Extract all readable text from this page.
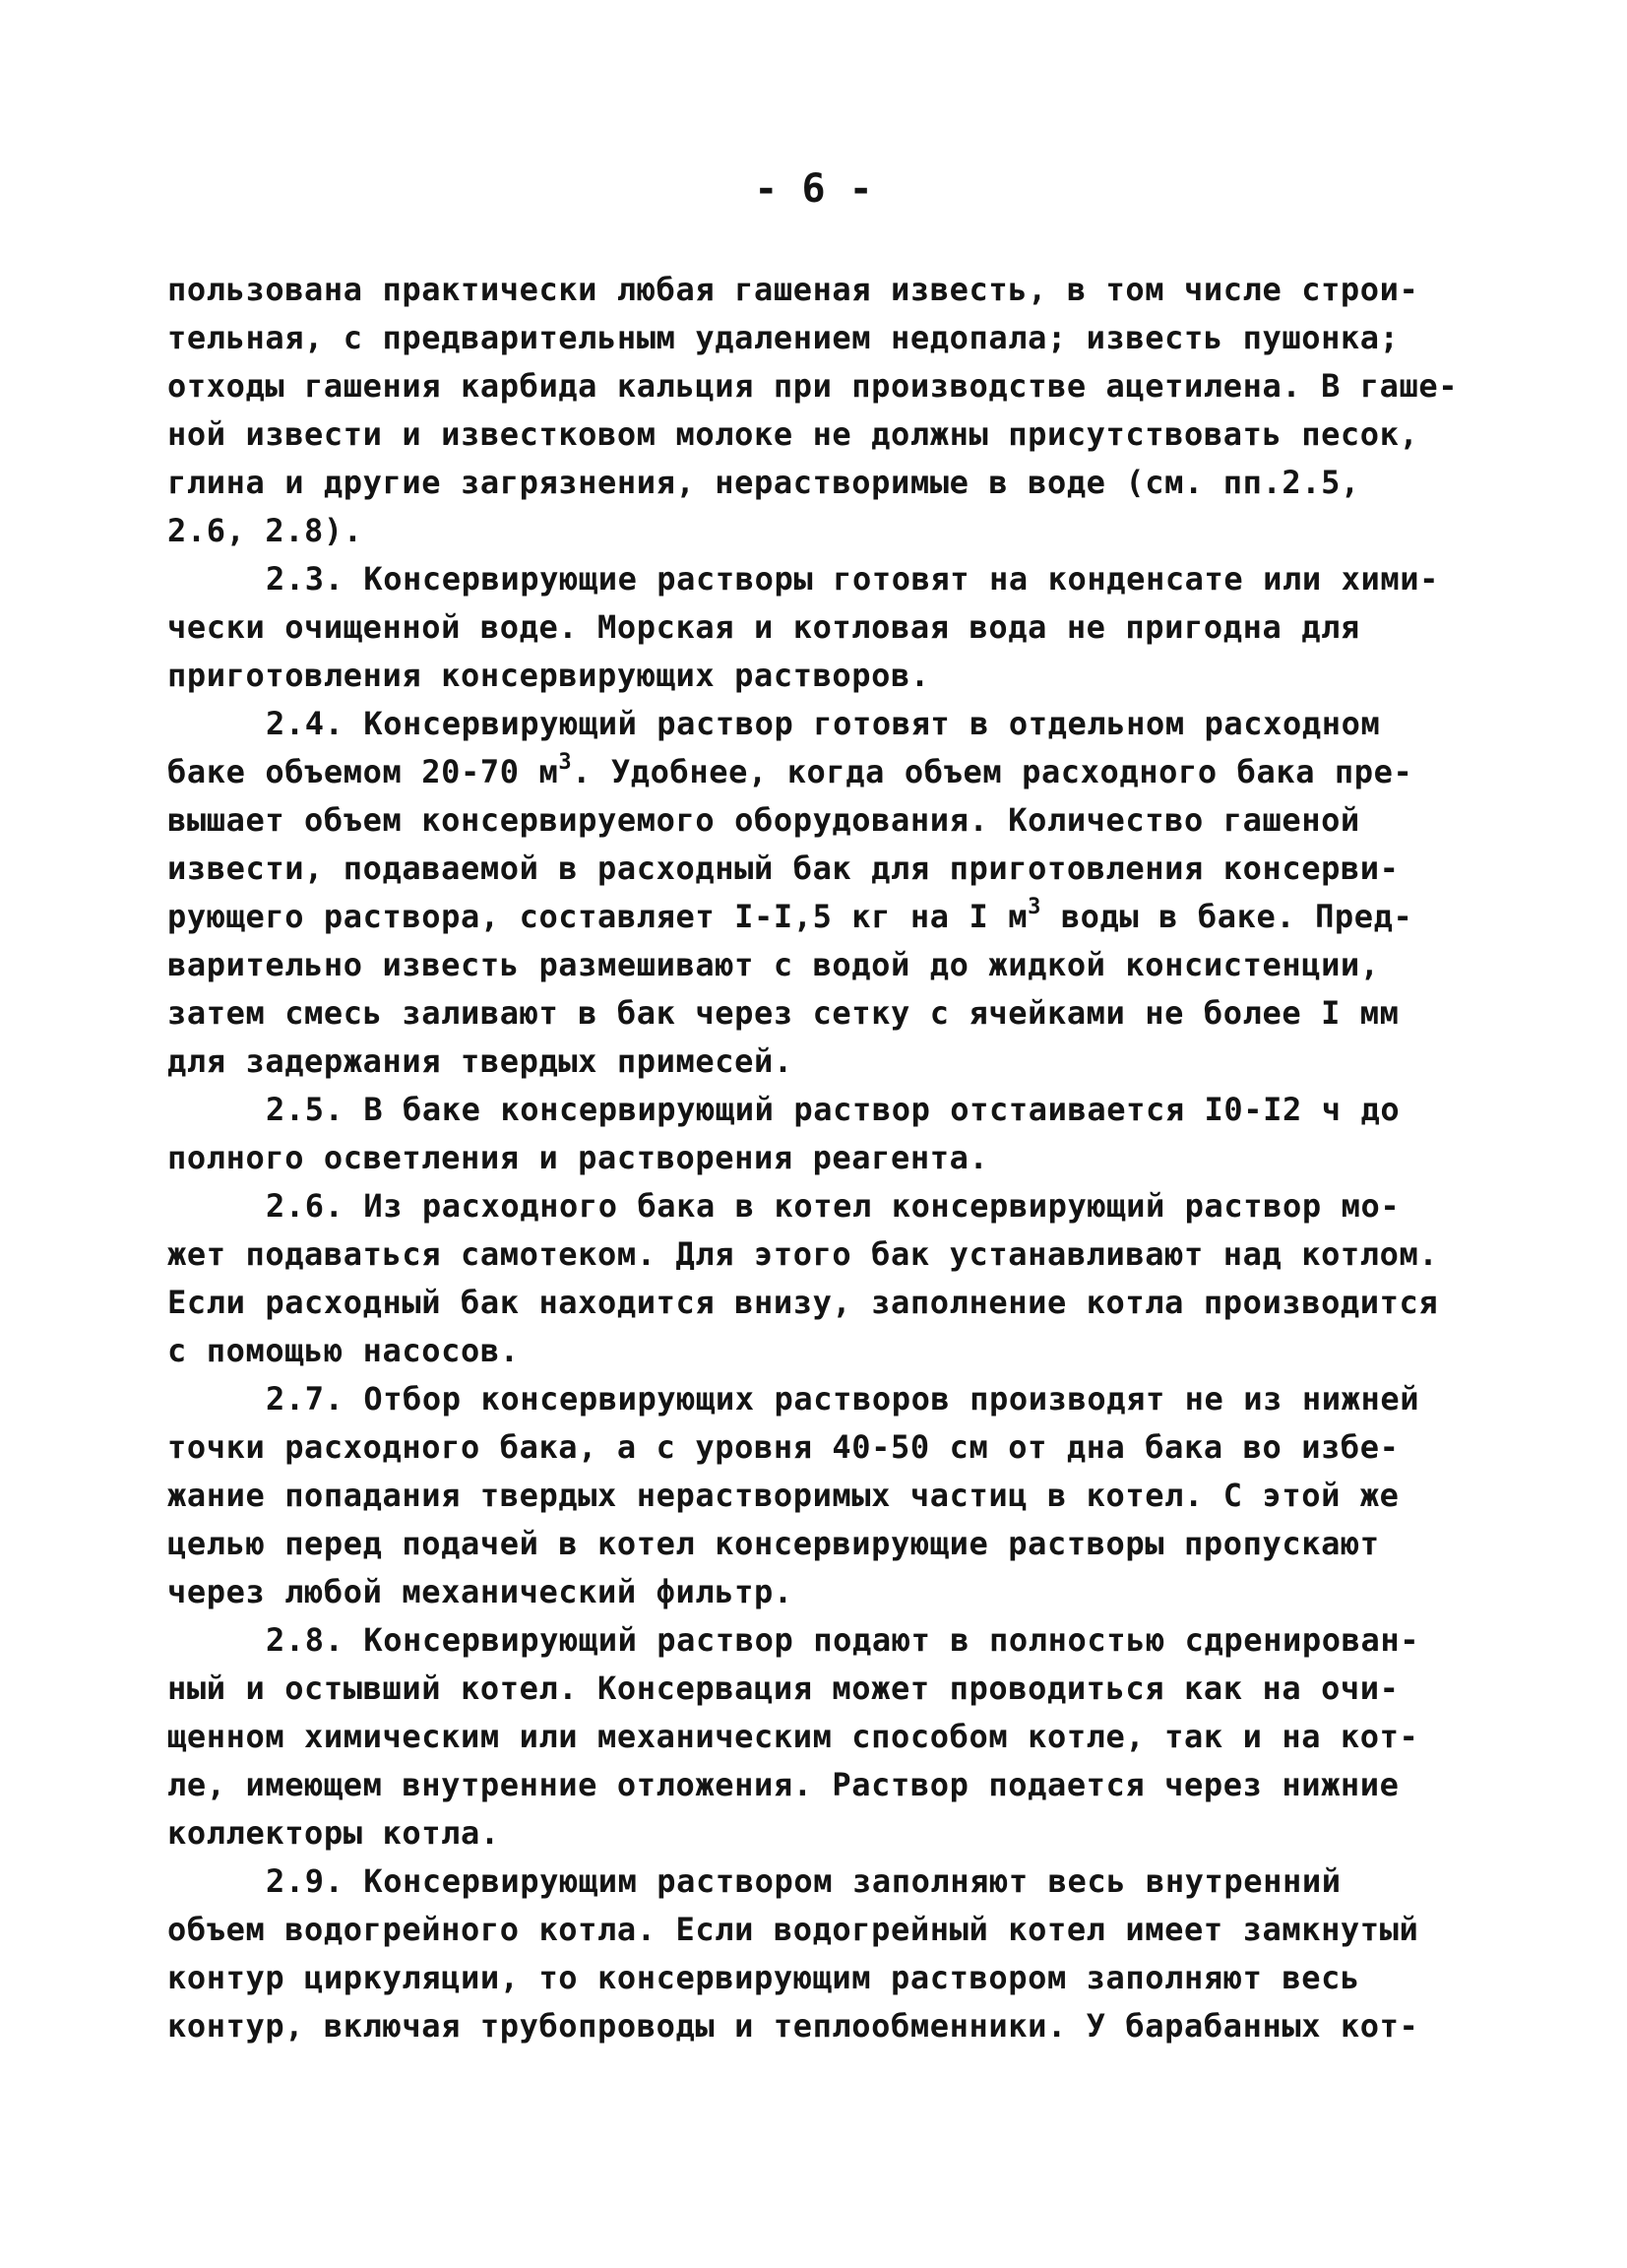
- 6 -
пользована практически любая гашеная известь, в том числе строи-
тельная, с предварительным удалением недопала; известь пушонка;
отходы гашения карбида кальция при производстве ацетилена. В гаше-
ной извести и известковом молоке не должны присутствовать песок,
глина и другие загрязнения, нерастворимые в воде (см. пп.2.5,
2.6, 2.8).
2.3. Консервирующие растворы готовят на конденсате или хими-
чески очищенной воде. Морская и котловая вода не пригодна для
приготовления консервирующих растворов.
2.4. Консервирующий раствор готовят в отдельном расходном
баке объемом 20-70 $м^3$. Удобнее, когда объем расходного бака пре-
вышает объем консервируемого оборудования. Количество гашеной
извести, подаваемой в расходный бак для приготовления консерви-
рующего раствора, составляет I-I,5 кг на I $м^3$ воды в баке. Пред-
варительно известь размешивают с водой до жидкой консистенции,
затем смесь заливают в бак через сетку с ячейками не более I мм
для задержания твердых примесей.
2.5. В баке консервирующий раствор отстаивается I0-I2 ч до
полного осветления и растворения реагента.
2.6. Из расходного бака в котел консервирующий раствор мо-
жет подаваться самотеком. Для этого бак устанавливают над котлом.
Если расходный бак находится внизу, заполнение котла производится
с помощью насосов.
2.7. Отбор консервирующих растворов производят не из нижней
точки расходного бака, а с уровня 40-50 см от дна бака во избе-
жание попадания твердых нерастворимых частиц в котел. С этой же
целью перед подачей в котел консервирующие растворы пропускают
через любой механический фильтр.
2.8. Консервирующий раствор подают в полностью сдренирован-
ный и остывший котел. Консервация может проводиться как на очи-
щенном химическим или механическим способом котле, так и на кот-
ле, имеющем внутренние отложения. Раствор подается через нижние
коллекторы котла.
2.9. Консервирующим раствором заполняют весь внутренний
объем водогрейного котла. Если водогрейный котел имеет замкнутый
контур циркуляции, то консервирующим раствором заполняют весь
контур, включая трубопроводы и теплообменники. У барабанных кот-
